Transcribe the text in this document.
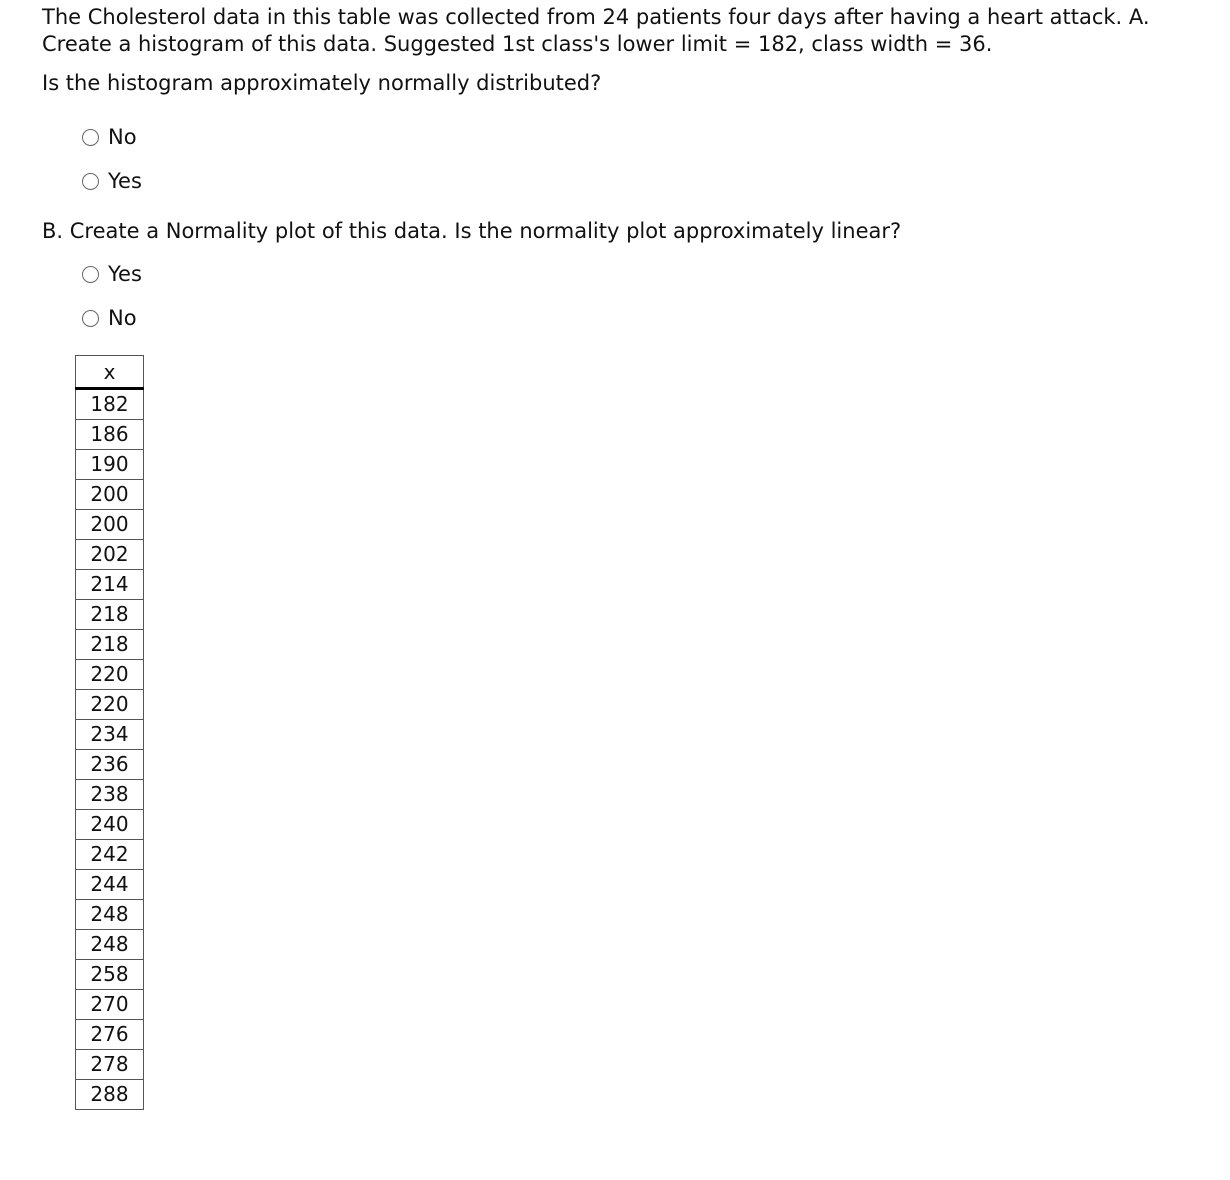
The Cholesterol data in this table was collected from 24 patients four days after having a heart attack. A.
Create a histogram of this data. Suggested 1st class's lower limit = 182, class width = 36.
Is the histogram approximately normally distributed?
No
Yes
B. Create a Normality plot of this data. Is the normality plot approximately linear?
Yes
No
x
182
186
190
200
200
202
214
218
218
220
220
234
236
238
240
242
244
248
248
258
270
276
278
288
